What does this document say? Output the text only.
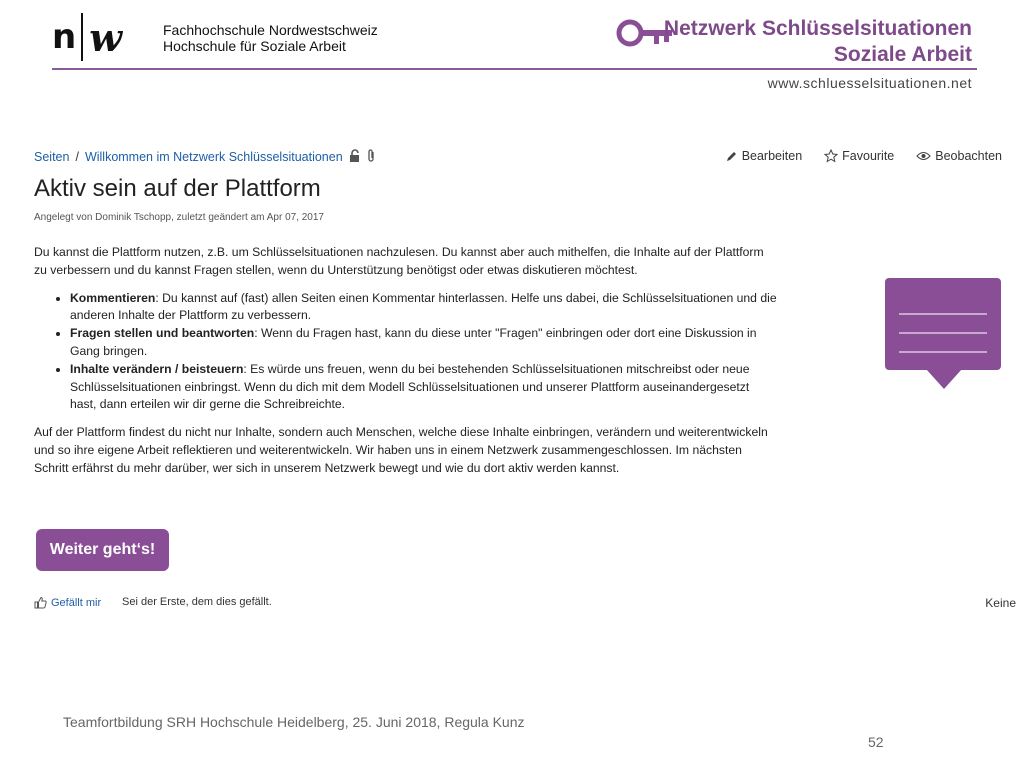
n w	Fachhochschule Nordwestschweiz
Hochschule für Soziale Arbeit
Netzwerk Schlüsselsituationen
Soziale Arbeit
www.schluesselsituationen.net
Seiten / Willkommen im Netzwerk Schlüsselsituationen	Bearbeiten	Favourite	Beobachten
Aktiv sein auf der Plattform
Angelegt von Dominik Tschopp, zuletzt geändert am Apr 07, 2017

Du kannst die Plattform nutzen, z.B. um Schlüsselsituationen nachzulesen. Du kannst aber auch mithelfen, die Inhalte auf der Plattform zu verbessern und du kannst Fragen stellen, wenn du Unterstützung benötigst oder etwas diskutieren möchtest.

• Kommentieren: Du kannst auf (fast) allen Seiten einen Kommentar hinterlassen. Helfe uns dabei, die Schlüsselsituationen und die anderen Inhalte der Plattform zu verbessern.
• Fragen stellen und beantworten: Wenn du Fragen hast, kann du diese unter "Fragen" einbringen oder dort eine Diskussion in Gang bringen.
• Inhalte verändern / beisteuern: Es würde uns freuen, wenn du bei bestehenden Schlüsselsituationen mitschreibst oder neue Schlüsselsituationen einbringst. Wenn du dich mit dem Modell Schlüsselsituationen und unserer Plattform auseinandergesetzt hast, dann erteilen wir dir gerne die Schreibreichte.

Auf der Plattform findest du nicht nur Inhalte, sondern auch Menschen, welche diese Inhalte einbringen, verändern und weiterentwickeln und so ihre eigene Arbeit reflektieren und weiterentwickeln. Wir haben uns in einem Netzwerk zusammengeschlossen. Im nächsten Schritt erfährst du mehr darüber, wer sich in unserem Netzwerk bewegt und wie du dort aktiv werden kannst.

Weiter geht‘s!
Gefällt mir Sei der Erste, dem dies gefällt.	Keine
Teamfortbildung SRH Hochschule Heidelberg, 25. Juni 2018, Regula Kunz
52
